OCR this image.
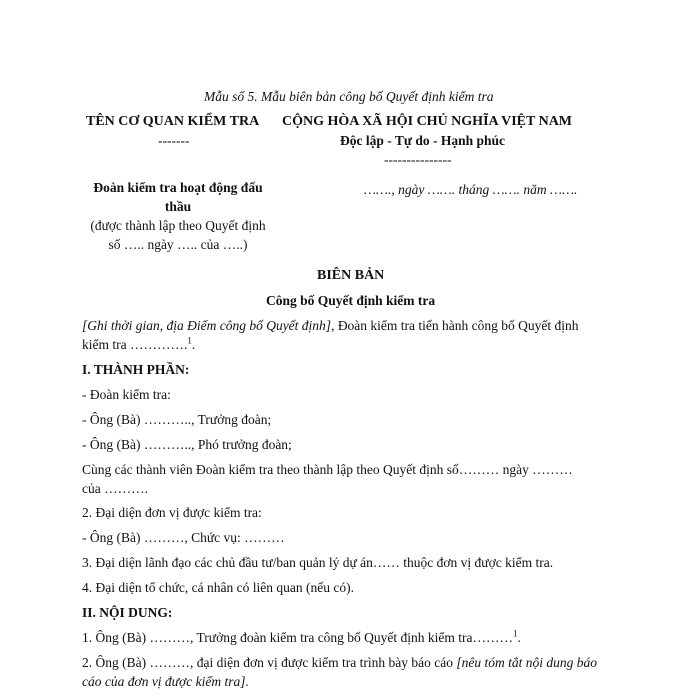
Mẫu số 5. Mẫu biên bản công bố Quyết định kiểm tra
TÊN CƠ QUAN KIỂM TRA
-------
CỘNG HÒA XÃ HỘI CHỦ NGHĨA VIỆT NAM
Độc lập - Tự do - Hạnh phúc
---------------
Đoàn kiểm tra hoạt động đấu
thầu
(được thành lập theo Quyết định
số ….. ngày ….. của …..)
……., ngày ……. tháng ……. năm …….
BIÊN BẢN
Công bố Quyết định kiểm tra
[Ghi thời gian, địa Điểm công bố Quyết định], Đoàn kiểm tra tiến hành công bố Quyết định
kiểm tra ………….$^1$.
I. THÀNH PHẦN:
- Đoàn kiểm tra:
- Ông (Bà) ……….., Trưởng đoàn;
- Ông (Bà) ……….., Phó trưởng đoàn;
Cùng các thành viên Đoàn kiểm tra theo thành lập theo Quyết định số……… ngày ………
của ……….
2. Đại diện đơn vị được kiểm tra:
- Ông (Bà) ………, Chức vụ: ………
3. Đại diện lãnh đạo các chủ đầu tư/ban quản lý dự án…… thuộc đơn vị được kiểm tra.
4. Đại diện tổ chức, cá nhân có liên quan (nếu có).
II. NỘI DUNG:
1. Ông (Bà) ………, Trưởng đoàn kiểm tra công bố Quyết định kiểm tra………$^1$.
2. Ông (Bà) ………, đại diện đơn vị được kiểm tra trình bày báo cáo [nêu tóm tắt nội dung báo
cáo của đơn vị được kiểm tra].
